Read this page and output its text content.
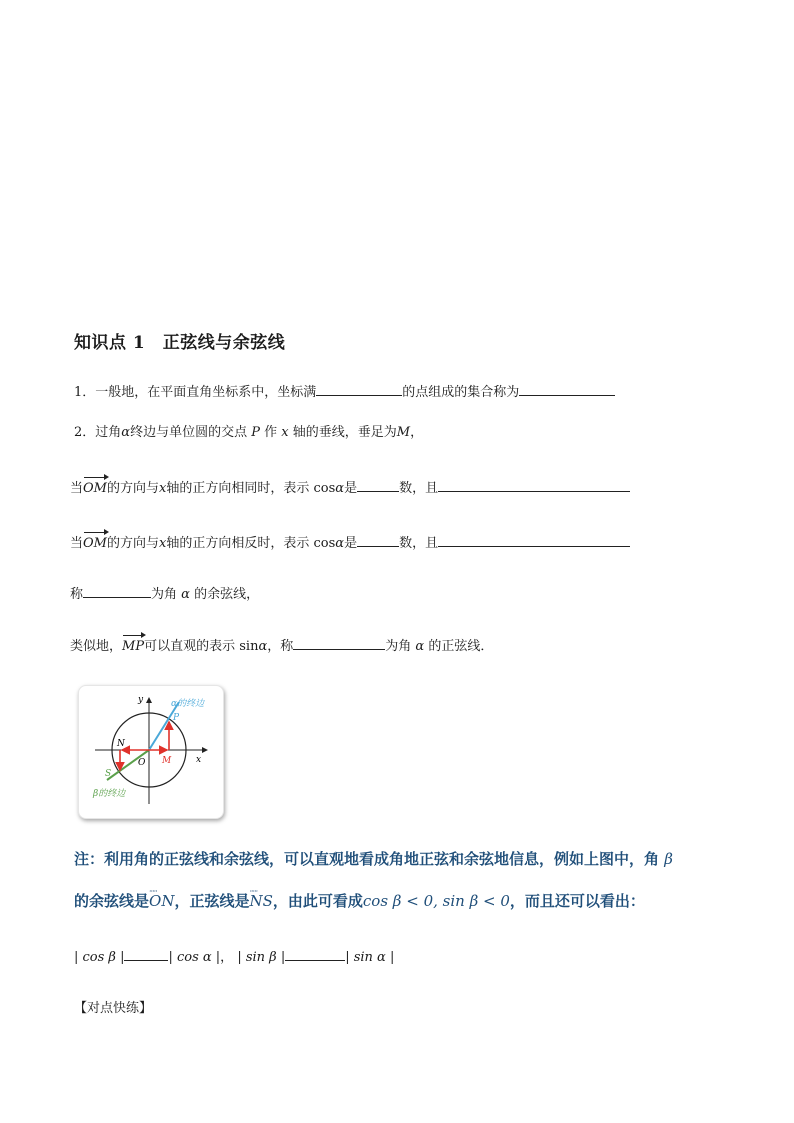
知识点 1　正弦线与余弦线
1．一般地，在平面直角坐标系中，坐标满	的点组成的集合称为
2．过角α终边与单位圆的交点 P 作 x 轴的垂线，垂足为M，
当OM的方向与x轴的正方向相同时，表示 cosα是	数，且
当OM的方向与x轴的正方向相反时，表示 cosα是	数，且
称	为角 α 的余弦线，
类似地，MP可以直观的表示 sinα，称	为角 α 的正弦线．
y
x
O
N
M
P
S
α的终边
β的终边
注：利用角的正弦线和余弦线，可以直观地看成角地正弦和余弦地信息，例如上图中，角 β
的余弦线是····· ON，正弦线是····· NS，由此可看成cos β < 0, sin β < 0，而且还可以看出：
| cos β |	| cos α |， | sin β |	| sin α |
【对点快练】
